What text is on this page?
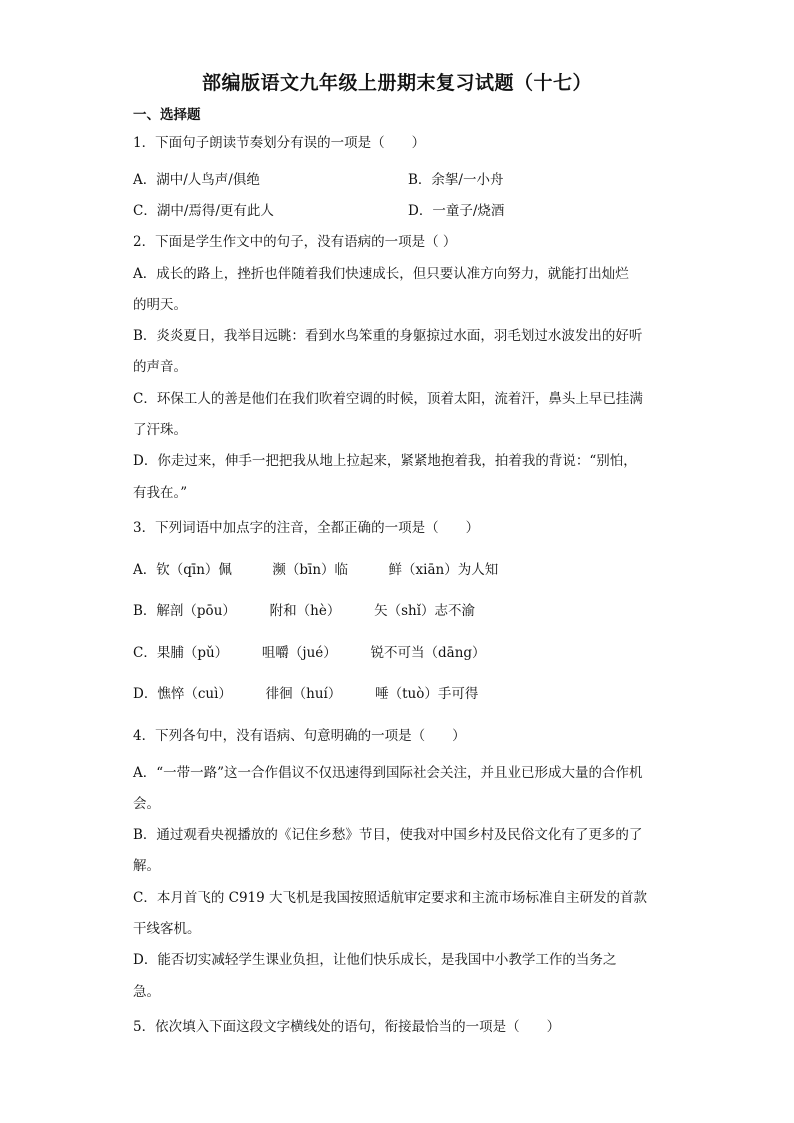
部编版语文九年级上册期末复习试题（十七）
一、选择题
1．下面句子朗读节奏划分有误的一项是（　　）
A．湖中/人鸟声/俱绝	B．余挐/一小舟
C．湖中/焉得/更有此人	D．一童子/烧酒
2．下面是学生作文中的句子，没有语病的一项是（ ）
A．成长的路上，挫折也伴随着我们快速成长，但只要认准方向努力，就能打出灿烂
的明天。
B．炎炎夏日，我举目远眺：看到水鸟笨重的身躯掠过水面，羽毛划过水波发出的好听
的声音。
C．环保工人的善是他们在我们吹着空调的时候，顶着太阳，流着汗，鼻头上早已挂满
了汗珠。
D．你走过来，伸手一把把我从地上拉起来，紧紧地抱着我，拍着我的背说：“别怕，
有我在。”
3．下列词语中加点字的注音，全都正确的一项是（　　）
A．钦（qīn）佩　　　濒（bīn）临　　　鲜（xiān）为人知
B．解剖（pōu）　　　附和（hè）　　　矢（shǐ）志不渝
C．果脯（pǔ）　　　咀嚼（jué）　　　锐不可当（dāng）
D．憔悴（cuì）　　　徘徊（huí）　　　唾（tuò）手可得
4．下列各句中，没有语病、句意明确的一项是（　　）
A．“一带一路”这一合作倡议不仅迅速得到国际社会关注，并且业已形成大量的合作机
会。
B．通过观看央视播放的《记住乡愁》节目，使我对中国乡村及民俗文化有了更多的了
解。
C．本月首飞的 C919 大飞机是我国按照适航审定要求和主流市场标准自主研发的首款
干线客机。
D．能否切实减轻学生课业负担，让他们快乐成长，是我国中小教学工作的当务之
急。
5．依次填入下面这段文字横线处的语句，衔接最恰当的一项是（　　）
